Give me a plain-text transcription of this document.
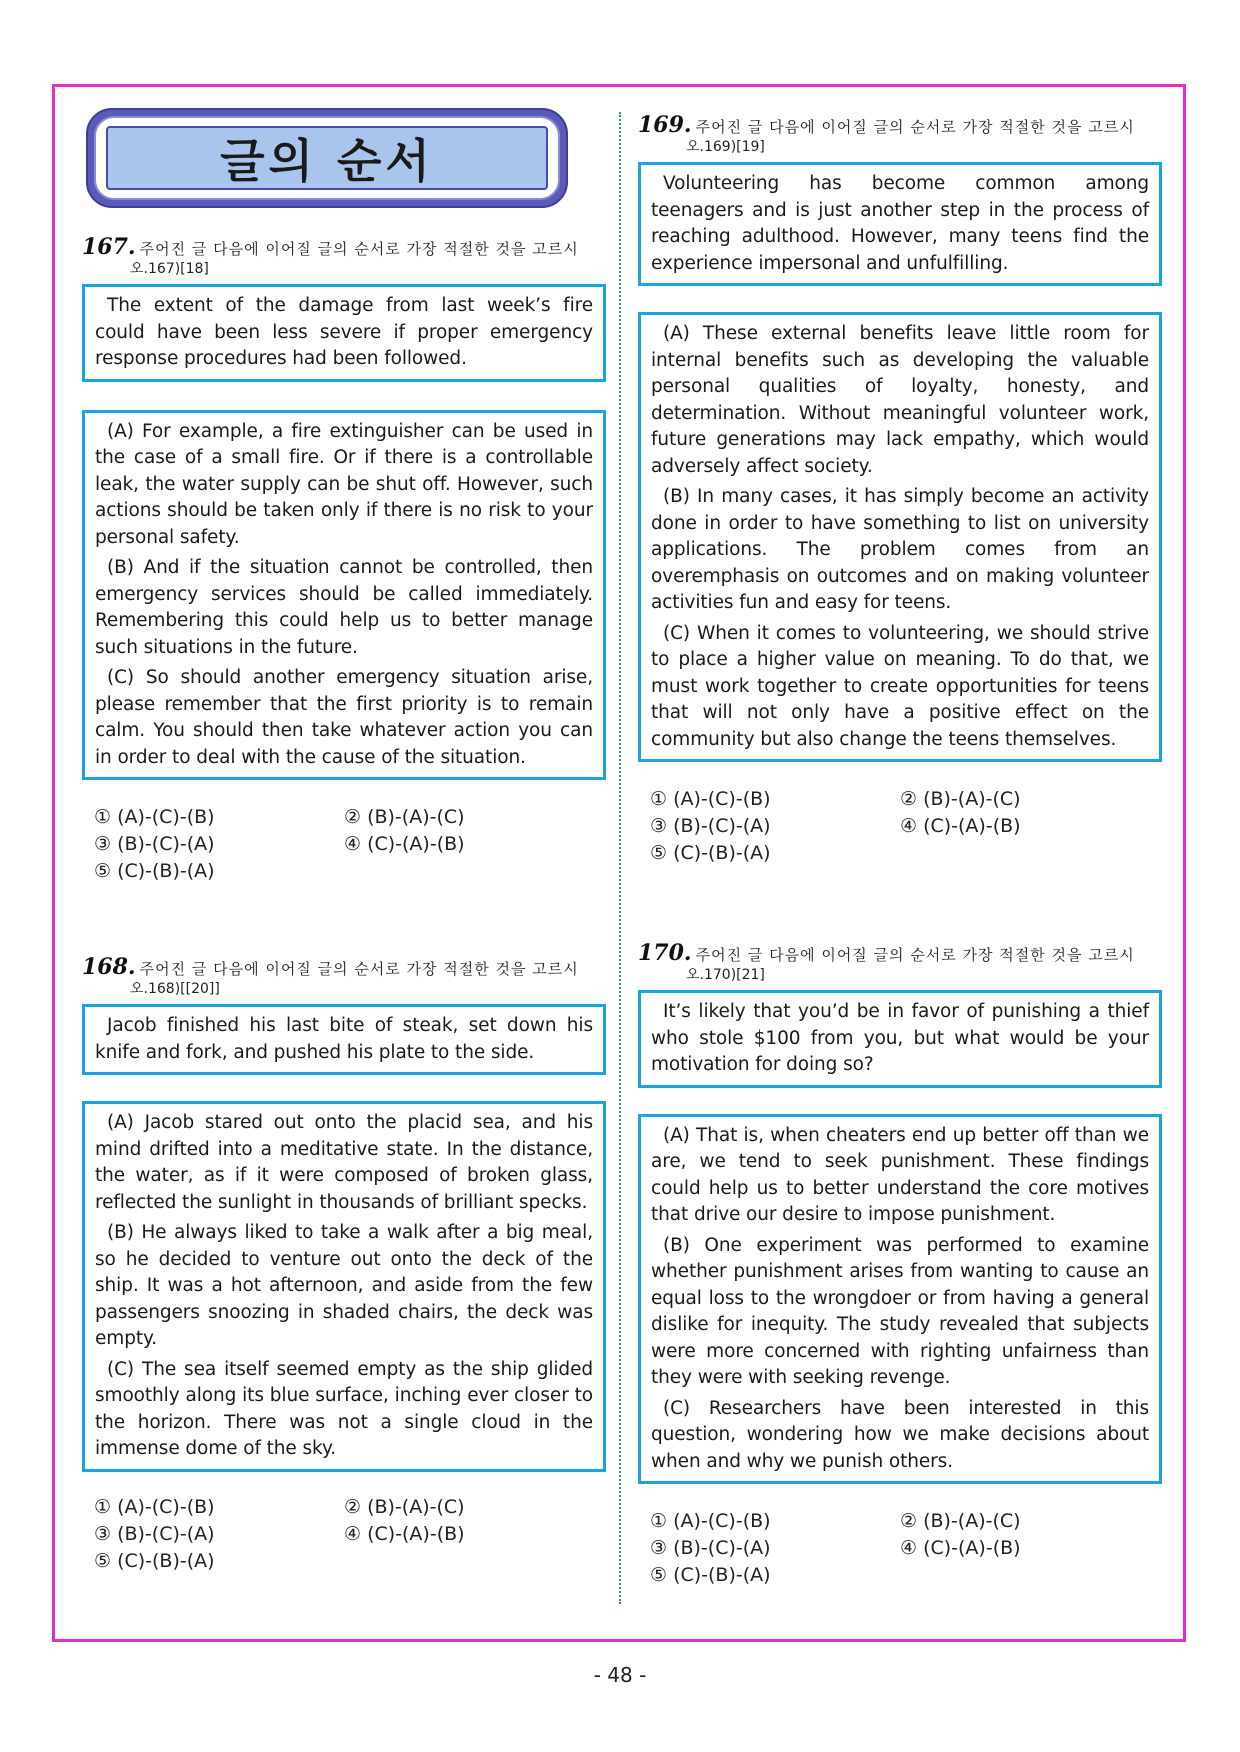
글의 순서
167. 주어진 글 다음에 이어질 글의 순서로 가장 적절한 것을 고르시
오.167)[18]

The extent of the damage from last week’s fire could have been less severe if proper emergency response procedures had been followed.

(A) For example, a fire extinguisher can be used in the case of a small fire. Or if there is a controllable leak, the water supply can be shut off. However, such actions should be taken only if there is no risk to your personal safety.

(B) And if the situation cannot be controlled, then emergency services should be called immediately. Remembering this could help us to better manage such situations in the future.

(C) So should another emergency situation arise, please remember that the first priority is to remain calm. You should then take whatever action you can in order to deal with the cause of the situation.

① (A)-(C)-(B)	② (B)-(A)-(C)
③ (B)-(C)-(A)	④ (C)-(A)-(B)
⑤ (C)-(B)-(A)
168. 주어진 글 다음에 이어질 글의 순서로 가장 적절한 것을 고르시
오.168)[[20]]

Jacob finished his last bite of steak, set down his knife and fork, and pushed his plate to the side.

(A) Jacob stared out onto the placid sea, and his mind drifted into a meditative state. In the distance, the water, as if it were composed of broken glass, reflected the sunlight in thousands of brilliant specks.

(B) He always liked to take a walk after a big meal, so he decided to venture out onto the deck of the ship. It was a hot afternoon, and aside from the few passengers snoozing in shaded chairs, the deck was empty.

(C) The sea itself seemed empty as the ship glided smoothly along its blue surface, inching ever closer to the horizon. There was not a single cloud in the immense dome of the sky.

① (A)-(C)-(B)	② (B)-(A)-(C)
③ (B)-(C)-(A)	④ (C)-(A)-(B)
⑤ (C)-(B)-(A)
169. 주어진 글 다음에 이어질 글의 순서로 가장 적절한 것을 고르시
오.169)[19]

Volunteering has become common among teenagers and is just another step in the process of reaching adulthood. However, many teens find the experience impersonal and unfulfilling.

(A) These external benefits leave little room for internal benefits such as developing the valuable personal qualities of loyalty, honesty, and determination. Without meaningful volunteer work, future generations may lack empathy, which would adversely affect society.

(B) In many cases, it has simply become an activity done in order to have something to list on university applications. The problem comes from an overemphasis on outcomes and on making volunteer activities fun and easy for teens.

(C) When it comes to volunteering, we should strive to place a higher value on meaning. To do that, we must work together to create opportunities for teens that will not only have a positive effect on the community but also change the teens themselves.

① (A)-(C)-(B)	② (B)-(A)-(C)
③ (B)-(C)-(A)	④ (C)-(A)-(B)
⑤ (C)-(B)-(A)
170. 주어진 글 다음에 이어질 글의 순서로 가장 적절한 것을 고르시
오.170)[21]

It’s likely that you’d be in favor of punishing a thief who stole $100 from you, but what would be your motivation for doing so?

(A) That is, when cheaters end up better off than we are, we tend to seek punishment. These findings could help us to better understand the core motives that drive our desire to impose punishment.

(B) One experiment was performed to examine whether punishment arises from wanting to cause an equal loss to the wrongdoer or from having a general dislike for inequity. The study revealed that subjects were more concerned with righting unfairness than they were with seeking revenge.

(C) Researchers have been interested in this question, wondering how we make decisions about when and why we punish others.

① (A)-(C)-(B)	② (B)-(A)-(C)
③ (B)-(C)-(A)	④ (C)-(A)-(B)
⑤ (C)-(B)-(A)
- 48 -
